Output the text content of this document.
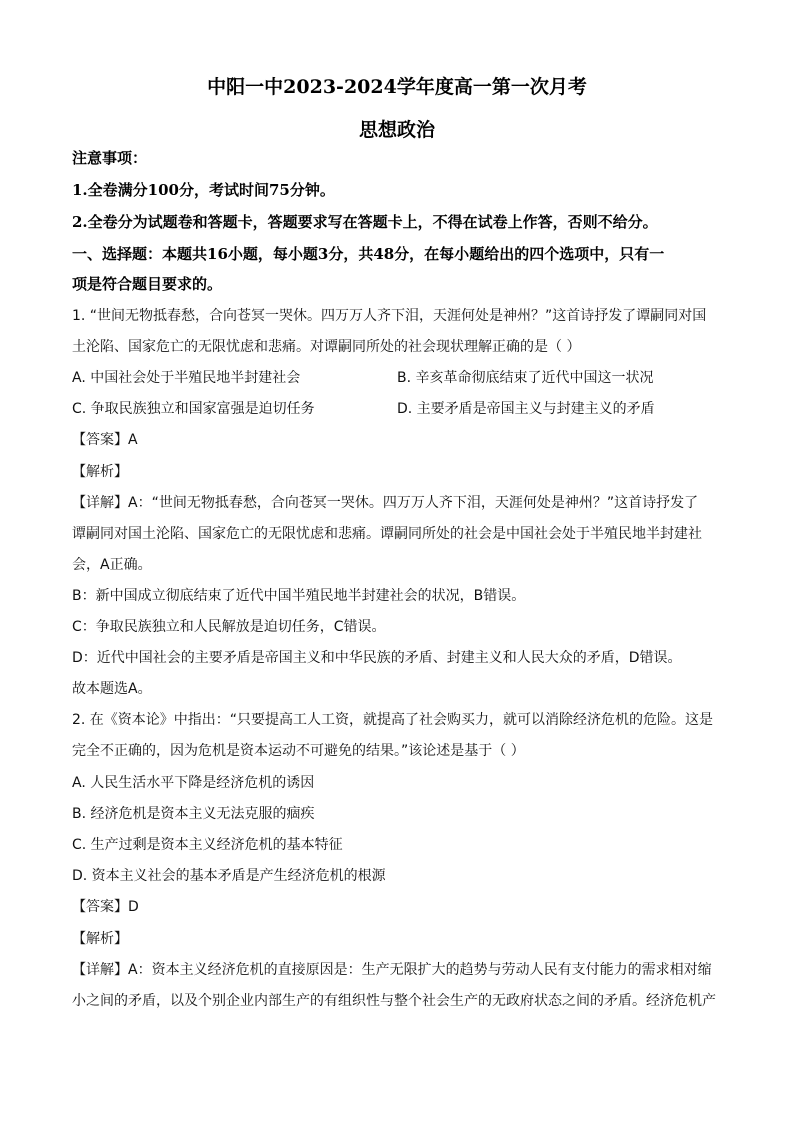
中阳一中2023-2024学年度高一第一次月考
思想政治
注意事项：
1.全卷满分100分，考试时间75分钟。
2.全卷分为试题卷和答题卡，答题要求写在答题卡上，不得在试卷上作答，否则不给分。
一、选择题：本题共16小题，每小题3分，共48分，在每小题给出的四个选项中，只有一
项是符合题目要求的。
1. “世间无物抵春愁，合向苍冥一哭休。四万万人齐下泪，天涯何处是神州？”这首诗抒发了谭嗣同对国
土沦陷、国家危亡的无限忧虑和悲痛。对谭嗣同所处的社会现状理解正确的是（ ）
A. 中国社会处于半殖民地半封建社会	B. 辛亥革命彻底结束了近代中国这一状况
C. 争取民族独立和国家富强是迫切任务	D. 主要矛盾是帝国主义与封建主义的矛盾
【答案】A
【解析】
【详解】A：“世间无物抵春愁，合向苍冥一哭休。四万万人齐下泪，天涯何处是神州？”这首诗抒发了
谭嗣同对国土沦陷、国家危亡的无限忧虑和悲痛。谭嗣同所处的社会是中国社会处于半殖民地半封建社
会，A正确。
B：新中国成立彻底结束了近代中国半殖民地半封建社会的状况，B错误。
C：争取民族独立和人民解放是迫切任务，C错误。
D：近代中国社会的主要矛盾是帝国主义和中华民族的矛盾、封建主义和人民大众的矛盾，D错误。
故本题选A。
2. 在《资本论》中指出：“只要提高工人工资，就提高了社会购买力，就可以消除经济危机的危险。这是
完全不正确的，因为危机是资本运动不可避免的结果。”该论述是基于（ ）
A. 人民生活水平下降是经济危机的诱因
B. 经济危机是资本主义无法克服的痼疾
C. 生产过剩是资本主义经济危机的基本特征
D. 资本主义社会的基本矛盾是产生经济危机的根源
【答案】D
【解析】
【详解】A：资本主义经济危机的直接原因是：生产无限扩大的趋势与劳动人民有支付能力的需求相对缩
小之间的矛盾，以及个别企业内部生产的有组织性与整个社会生产的无政府状态之间的矛盾。经济危机产
